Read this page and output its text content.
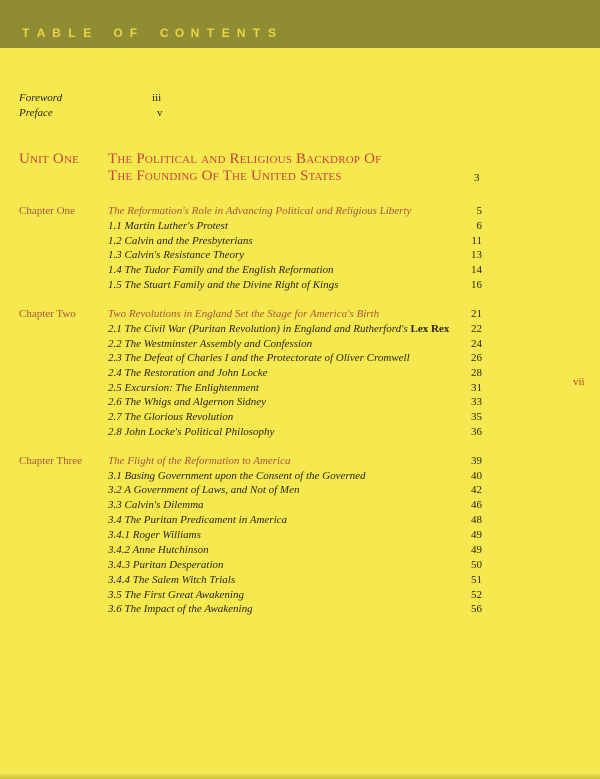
T A B L E O F C O N T E N T S
vii
Foreword	iii
Preface	v
Unit One The Political and Religious Backdrop Of
The Founding Of The United States	3
Chapter One	The Reformation's Role in Advancing Political and Religious Liberty	5
1.1 Martin Luther's Protest	6
1.2 Calvin and the Presbyterians	11
1.3 Calvin's Resistance Theory	13
1.4 The Tudor Family and the English Reformation	14
1.5 The Stuart Family and the Divine Right of Kings	16
Chapter Two	Two Revolutions in England Set the Stage for America's Birth	21
2.1 The Civil War (Puritan Revolution) in England and Rutherford's Lex Rex 22
2.2 The Westminster Assembly and Confession	24
2.3 The Defeat of Charles I and the Protectorate of Oliver Cromwell	26
2.4 The Restoration and John Locke	28
2.5 Excursion: The Enlightenment	31
2.6 The Whigs and Algernon Sidney	33
2.7 The Glorious Revolution	35
2.8 John Locke's Political Philosophy	36
Chapter Three The Flight of the Reformation to America	39
3.1 Basing Government upon the Consent of the Governed	40
3.2 A Government of Laws, and Not of Men	42
3.3 Calvin's Dilemma	46
3.4 The Puritan Predicament in America	48
3.4.1 Roger Williams	49
3.4.2 Anne Hutchinson	49
3.4.3 Puritan Desperation	50
3.4.4 The Salem Witch Trials	51
3.5 The First Great Awakening	52
3.6 The Impact of the Awakening	56
